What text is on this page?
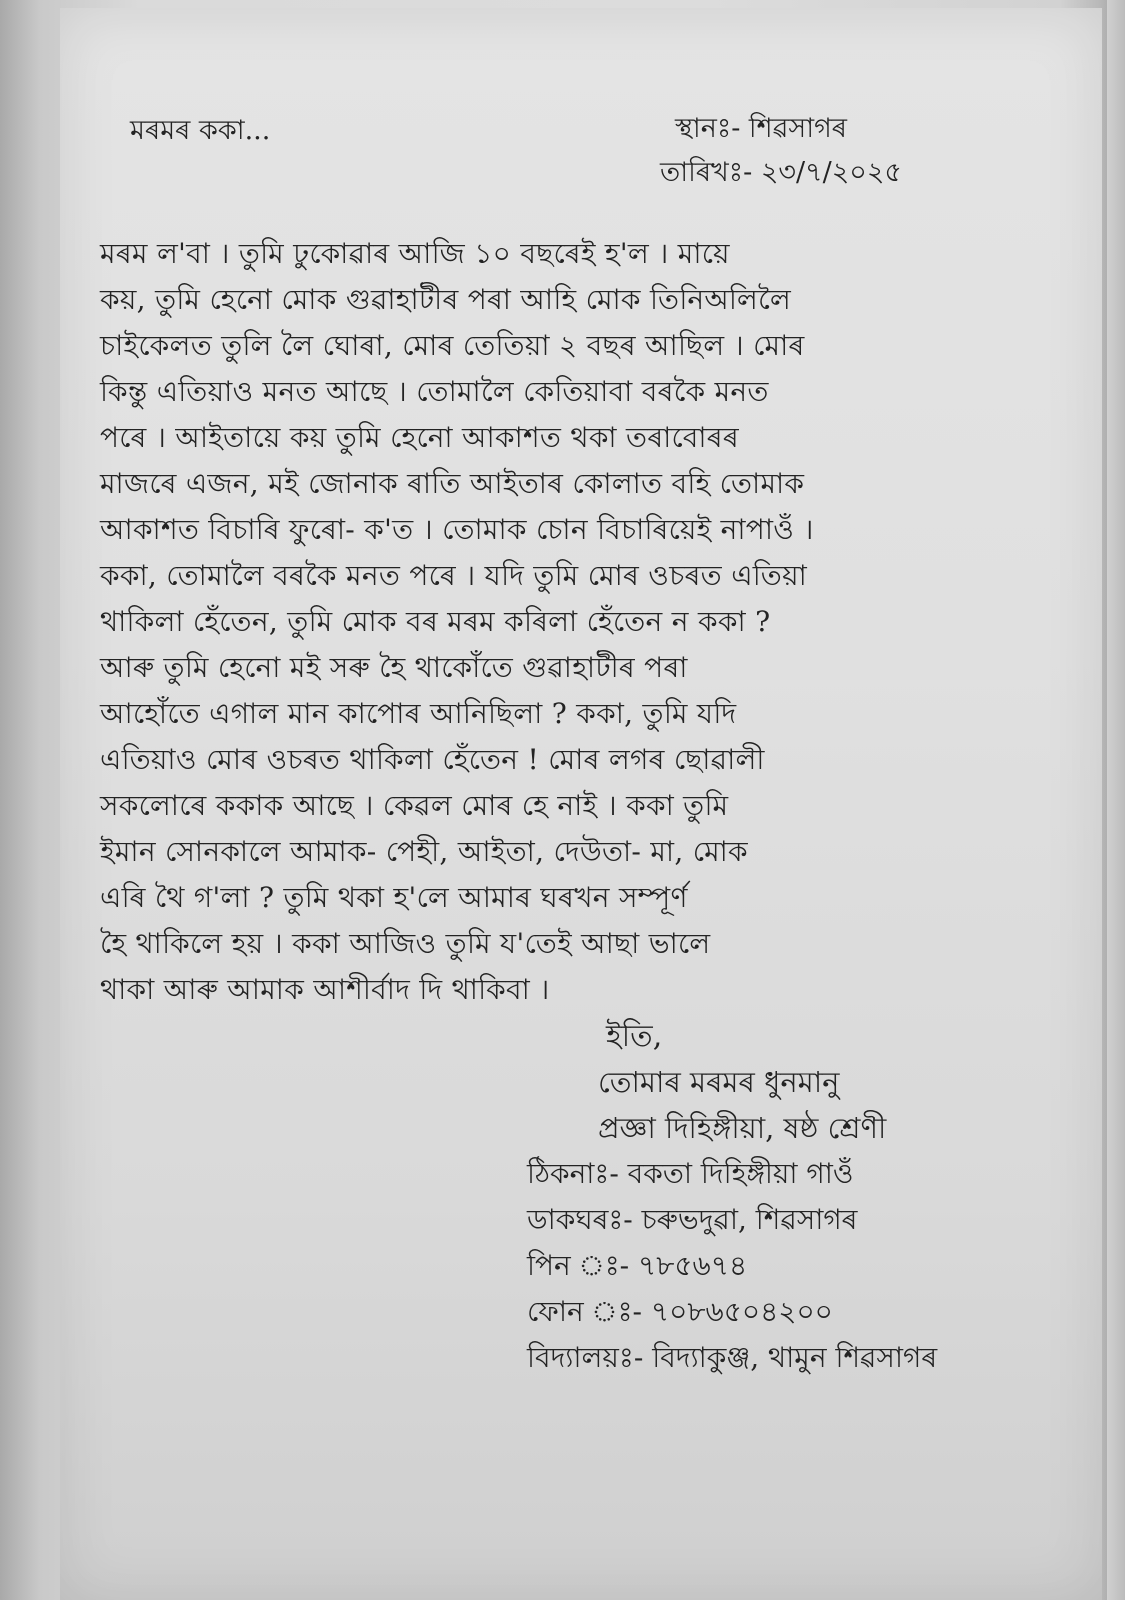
মৰমৰ ককা...	স্থানঃ- শিৱসাগৰ
তাৰিখঃ- ২৩/৭/২০২৫
মৰম ল'বা । তুমি ঢুকোৱাৰ আজি ১০ বছৰেই হ'ল । মায়ে
কয়, তুমি হেনো মোক গুৱাহাটীৰ পৰা আহি মোক তিনিঅলিলৈ
চাইকেলত তুলি লৈ ঘোৰা, মোৰ তেতিয়া ২ বছৰ আছিল । মোৰ
কিন্তু এতিয়াও মনত আছে । তোমালৈ কেতিয়াবা বৰকৈ মনত
পৰে । আইতায়ে কয় তুমি হেনো আকাশত থকা তৰাবোৰৰ
মাজৰে এজন, মই জোনাক ৰাতি আইতাৰ কোলাত বহি তোমাক
আকাশত বিচাৰি ফুৰো- ক'ত । তোমাক চোন বিচাৰিয়েই নাপাওঁ ।
ককা, তোমালৈ বৰকৈ মনত পৰে । যদি তুমি মোৰ ওচৰত এতিয়া
থাকিলা হেঁতেন, তুমি মোক বৰ মৰম কৰিলা হেঁতেন ন ককা ?
আৰু তুমি হেনো মই সৰু হৈ থাকোঁতে গুৱাহাটীৰ পৰা
আহোঁতে এগাল মান কাপোৰ আনিছিলা ? ককা, তুমি যদি
এতিয়াও মোৰ ওচৰত থাকিলা হেঁতেন ! মোৰ লগৰ ছোৱালী
সকলোৰে ককাক আছে । কেৱল মোৰ হে নাই । ককা তুমি
ইমান সোনকালে আমাক- পেহী, আইতা, দেউতা- মা, মোক
এৰি থৈ গ'লা ? তুমি থকা হ'লে আমাৰ ঘৰখন সম্পূৰ্ণ
হৈ থাকিলে হয় । ককা আজিও তুমি য'তেই আছা ভালে
থাকা আৰু আমাক আশীৰ্বাদ দি থাকিবা ।
ইতি,
তোমাৰ মৰমৰ ধুনমানু
প্ৰজ্ঞা দিহিঙ্গীয়া, ষষ্ঠ শ্ৰেণী
ঠিকনাঃ- বকতা দিহিঙ্গীয়া গাওঁ
ডাকঘৰঃ- চৰুভদুৱা, শিৱসাগৰ
পিন ঃ- ৭৮৫৬৭৪
ফোন ঃ- ৭০৮৬৫০৪২০০
বিদ্যালয়ঃ- বিদ্যাকুঞ্জ, থামুন শিৱসাগৰ
